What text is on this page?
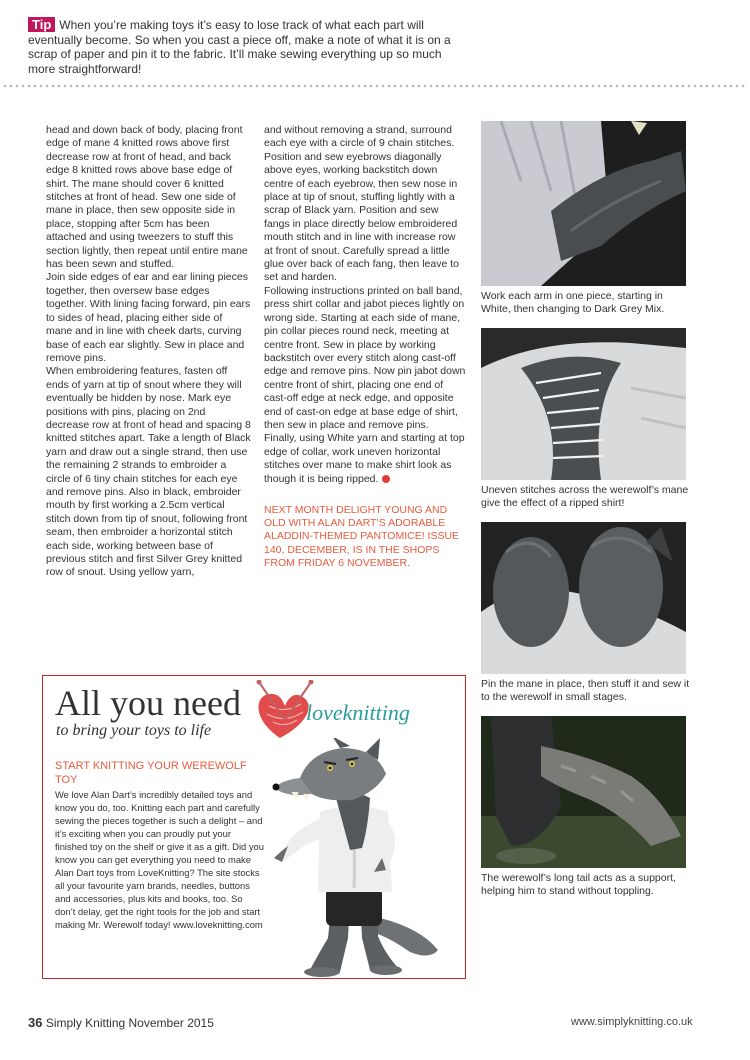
Tip When you’re making toys it’s easy to lose track of what each part will eventually become. So when you cast a piece off, make a note of what it is on a scrap of paper and pin it to the fabric. It’ll make sewing everything up so much more straightforward!

head and down back of body, placing front edge of mane 4 knitted rows above first decrease row at front of head, and back edge 8 knitted rows above base edge of shirt. The mane should cover 6 knitted stitches at front of head. Sew one side of mane in place, then sew opposite side in place, stopping after 5cm has been attached and using tweezers to stuff this section lightly, then repeat until entire mane has been sewn and stuffed.

Join side edges of ear and ear lining pieces together, then oversew base edges together. With lining facing forward, pin ears to sides of head, placing either side of mane and in line with cheek darts, curving base of each ear slightly. Sew in place and remove pins.

When embroidering features, fasten off ends of yarn at tip of snout where they will eventually be hidden by nose. Mark eye positions with pins, placing on 2nd decrease row at front of head and spacing 8 knitted stitches apart. Take a length of Black yarn and draw out a single strand, then use the remaining 2 strands to embroider a circle of 6 tiny chain stitches for each eye and remove pins. Also in black, embroider mouth by first working a 2.5cm vertical stitch down from tip of snout, following front seam, then embroider a horizontal stitch each side, working between base of previous stitch and first Silver Grey knitted row of snout. Using yellow yarn,

and without removing a strand, surround each eye with a circle of 9 chain stitches.

Position and sew eyebrows diagonally above eyes, working backstitch down centre of each eyebrow, then sew nose in place at tip of snout, stuffing lightly with a scrap of Black yarn. Position and sew fangs in place directly below embroidered mouth stitch and in line with increase row at front of snout. Carefully spread a little glue over back of each fang, then leave to set and harden.

Following instructions printed on ball band, press shirt collar and jabot pieces lightly on wrong side. Starting at each side of mane, pin collar pieces round neck, meeting at centre front. Sew in place by working backstitch over every stitch along cast-off edge and remove pins. Now pin jabot down centre front of shirt, placing one end of cast-off edge at neck edge, and opposite end of cast-on edge at base edge of shirt, then sew in place and remove pins.

Finally, using White yarn and starting at top edge of collar, work uneven horizontal stitches over mane to make shirt look as though it is being ripped.

NEXT MONTH DELIGHT YOUNG AND OLD WITH ALAN DART’S ADORABLE ALADDIN-THEMED PANTOMICE! ISSUE 140, DECEMBER, IS IN THE SHOPS FROM FRIDAY 6 NOVEMBER.

Work each arm in one piece, starting in White, then changing to Dark Grey Mix.
Uneven stitches across the werewolf’s mane give the effect of a ripped shirt!
Pin the mane in place, then stuff it and sew it to the werewolf in small stages.
The werewolf’s long tail acts as a support, helping him to stand without toppling.
All you need
to bring your toys to life
loveknitting
START KNITTING YOUR WEREWOLF TOY
We love Alan Dart’s incredibly detailed toys and know you do, too. Knitting each part and carefully sewing the pieces together is such a delight – and it’s exciting when you can proudly put your finished toy on the shelf or give it as a gift. Did you know you can get everything you need to make Alan Dart toys from LoveKnitting? The site stocks all your favourite yarn brands, needles, buttons and accessories, plus kits and books, too. So don’t delay, get the right tools for the job and start making Mr. Werewolf today! www.loveknitting.com
36 Simply Knitting November 2015	www.simplyknitting.co.uk
